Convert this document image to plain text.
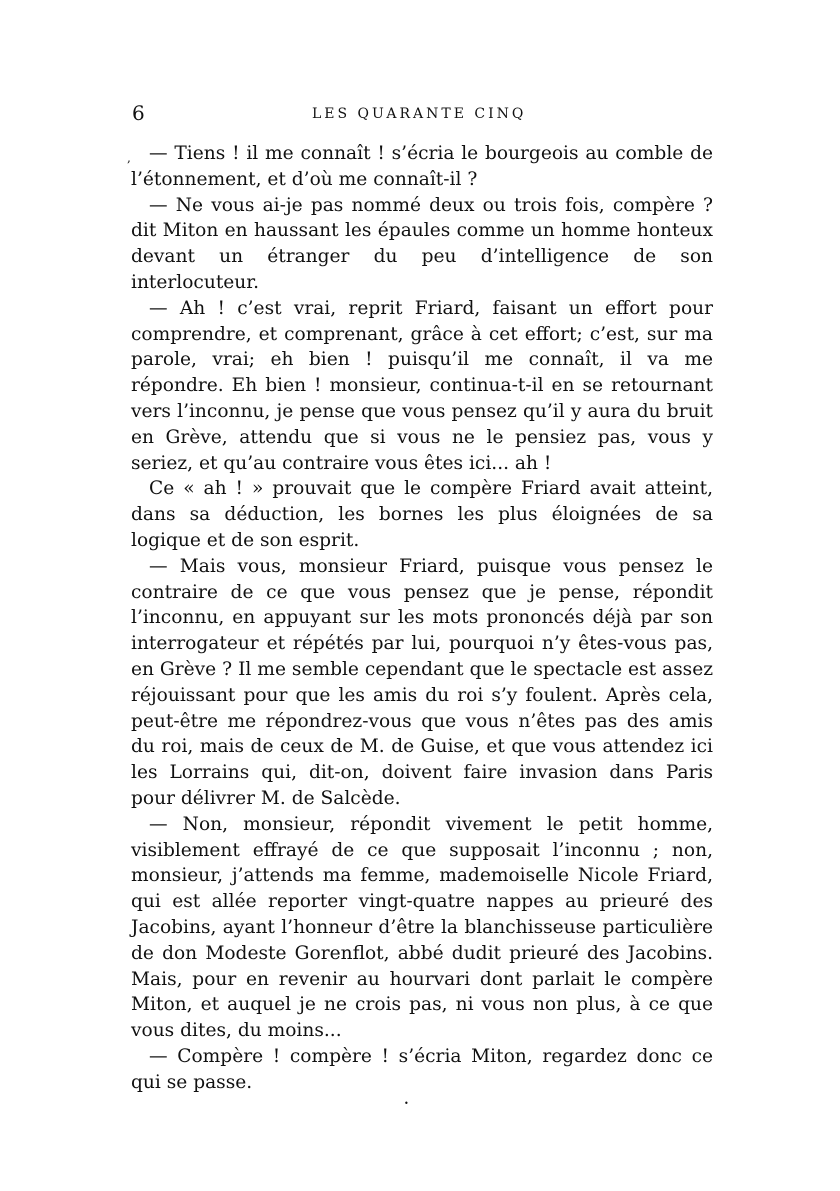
6	LES QUARANTE CINQ
, — Tiens ! il me connaît ! s’écria le bourgeois au comble de l’étonnement, et d’où me connaît-il ?

— Ne vous ai-je pas nommé deux ou trois fois, compère ? dit Miton en haussant les épaules comme un homme honteux devant un étranger du peu d’intelligence de son interlocuteur.

— Ah ! c’est vrai, reprit Friard, faisant un effort pour comprendre, et comprenant, grâce à cet effort; c’est, sur ma parole, vrai; eh bien ! puisqu’il me connaît, il va me répondre. Eh bien ! monsieur, continua-t-il en se retournant vers l’inconnu, je pense que vous pensez qu’il y aura du bruit en Grève, attendu que si vous ne le pensiez pas, vous y seriez, et qu’au contraire vous êtes ici... ah !

Ce « ah ! » prouvait que le compère Friard avait atteint, dans sa déduction, les bornes les plus éloignées de sa logique et de son esprit.

— Mais vous, monsieur Friard, puisque vous pensez le contraire de ce que vous pensez que je pense, répondit l’inconnu, en appuyant sur les mots prononcés déjà par son interrogateur et répétés par lui, pourquoi n’y êtes-vous pas, en Grève ? Il me semble cependant que le spectacle est assez réjouissant pour que les amis du roi s’y foulent. Après cela, peut-être me répondrez-vous que vous n’êtes pas des amis du roi, mais de ceux de M. de Guise, et que vous attendez ici les Lorrains qui, dit-on, doivent faire invasion dans Paris pour délivrer M. de Salcède.

— Non, monsieur, répondit vivement le petit homme, visiblement effrayé de ce que supposait l’inconnu ; non, monsieur, j’attends ma femme, mademoiselle Nicole Friard, qui est allée reporter vingt-quatre nappes au prieuré des Jacobins, ayant l’honneur d’être la blanchisseuse particulière de don Modeste Gorenflot, abbé dudit prieuré des Jacobins. Mais, pour en revenir au hourvari dont parlait le compère Miton, et auquel je ne crois pas, ni vous non plus, à ce que vous dites, du moins...

— Compère ! compère ! s’écria Miton, regardez donc ce qui se passe.

•
